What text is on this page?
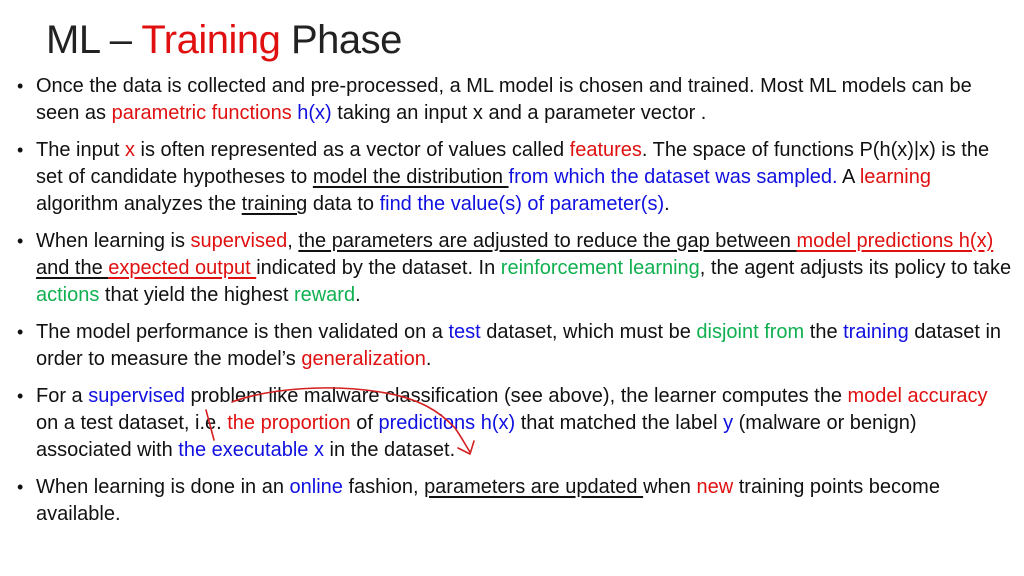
ML – Training Phase
• Once the data is collected and pre-processed, a ML model is chosen and trained. Most ML models can be seen as parametric functions h(x) taking an input x and a parameter vector .
• The input x is often represented as a vector of values called features. The space of functions P(h(x)|x) is the set of candidate hypotheses to model the distribution from which the dataset was sampled. A learning algorithm analyzes the training data to find the value(s) of parameter(s).
• When learning is supervised, the parameters are adjusted to reduce the gap between model predictions h(x) and the expected output indicated by the dataset. In reinforcement learning, the agent adjusts its policy to take actions that yield the highest reward.
• The model performance is then validated on a test dataset, which must be disjoint from the training dataset in order to measure the model’s generalization.
• For a supervised problem like malware classification (see above), the learner computes the model accuracy on a test dataset, i.e. the proportion of predictions h(x) that matched the label y (malware or benign) associated with the executable x in the dataset.
• When learning is done in an online fashion, parameters are updated when new training points become available.
